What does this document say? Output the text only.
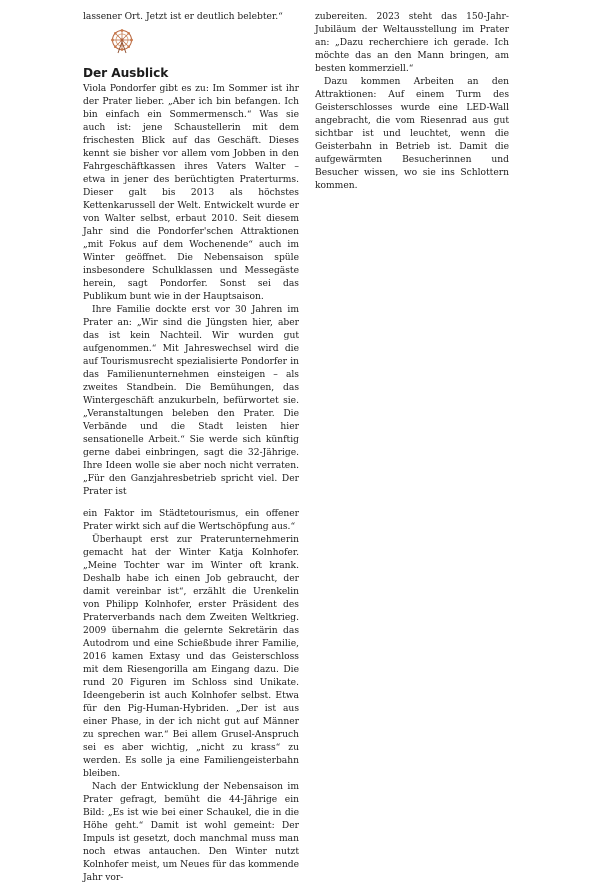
lassener Ort. Jetzt ist er deutlich belebter.“

Der Ausblick

Viola Pondorfer gibt es zu: Im Sommer ist ihr der Prater lieber. „Aber ich bin befangen. Ich bin einfach ein Sommermensch.“ Was sie auch ist: jene Schaustellerin mit dem frischesten Blick auf das Geschäft. Dieses kennt sie bisher vor allem vom Jobben in den Fahrgeschäftkassen ihres Vaters Walter – etwa in jener des berüchtigten Praterturms. Dieser galt bis 2013 als höchstes Kettenkarussell der Welt. Entwickelt wurde er von Walter selbst, erbaut 2010. Seit diesem Jahr sind die Pondorfer'schen Attraktionen „mit Fokus auf dem Wochenende“ auch im Winter geöffnet. Die Nebensaison spüle insbesondere Schulklassen und Messegäste herein, sagt Pondorfer. Sonst sei das Publikum bunt wie in der Hauptsaison.

Ihre Familie dockte erst vor 30 Jahren im Prater an: „Wir sind die Jüngsten hier, aber das ist kein Nachteil. Wir wurden gut aufgenommen.“ Mit Jahreswechsel wird die auf Tourismusrecht spezialisierte Pondorfer in das Familienunternehmen einsteigen – als zweites Standbein. Die Bemühungen, das Wintergeschäft anzukurbeln, befürwortet sie. „Veranstaltungen beleben den Prater. Die Verbände und die Stadt leisten hier sensationelle Arbeit.“ Sie werde sich künftig gerne dabei einbringen, sagt die 32-Jährige. Ihre Ideen wolle sie aber noch nicht verraten. „Für den Ganzjahresbetrieb spricht viel. Der Prater ist

ein Faktor im Städtetourismus, ein offener Prater wirkt sich auf die Wertschöpfung aus.“

Überhaupt erst zur Praterunternehmerin gemacht hat der Winter Katja Kolnhofer. „Meine Tochter war im Winter oft krank. Deshalb habe ich einen Job gebraucht, der damit vereinbar ist“, erzählt die Urenkelin von Philipp Kolnhofer, erster Präsident des Praterverbands nach dem Zweiten Weltkrieg. 2009 übernahm die gelernte Sekretärin das Autodrom und eine Schießbude ihrer Familie, 2016 kamen Extasy und das Geisterschloss mit dem Riesengorilla am Eingang dazu. Die rund 20 Figuren im Schloss sind Unikate. Ideengeberin ist auch Kolnhofer selbst. Etwa für den Pig-Human-Hybriden. „Der ist aus einer Phase, in der ich nicht gut auf Männer zu sprechen war.“ Bei allem Grusel-Anspruch sei es aber wichtig, „nicht zu krass“ zu werden. Es solle ja eine Familiengeisterbahn bleiben.

Nach der Entwicklung der Nebensaison im Prater gefragt, bemüht die 44-Jährige ein Bild: „Es ist wie bei einer Schaukel, die in die Höhe geht.“ Damit ist wohl gemeint: Der Impuls ist gesetzt, doch manchmal muss man noch etwas antauchen. Den Winter nutzt Kolnhofer meist, um Neues für das kommende Jahr vor-

zubereiten. 2023 steht das 150-Jahr-Jubiläum der Weltausstellung im Prater an: „Dazu recherchiere ich gerade. Ich möchte das an den Mann bringen, am besten kommerziell.“

Dazu kommen Arbeiten an den Attraktionen: Auf einem Turm des Geisterschlosses wurde eine LED-Wall angebracht, die vom Riesenrad aus gut sichtbar ist und leuchtet, wenn die Geisterbahn in Betrieb ist. Damit die aufgewärmten Besucherinnen und Besucher wissen, wo sie ins Schlottern kommen.
